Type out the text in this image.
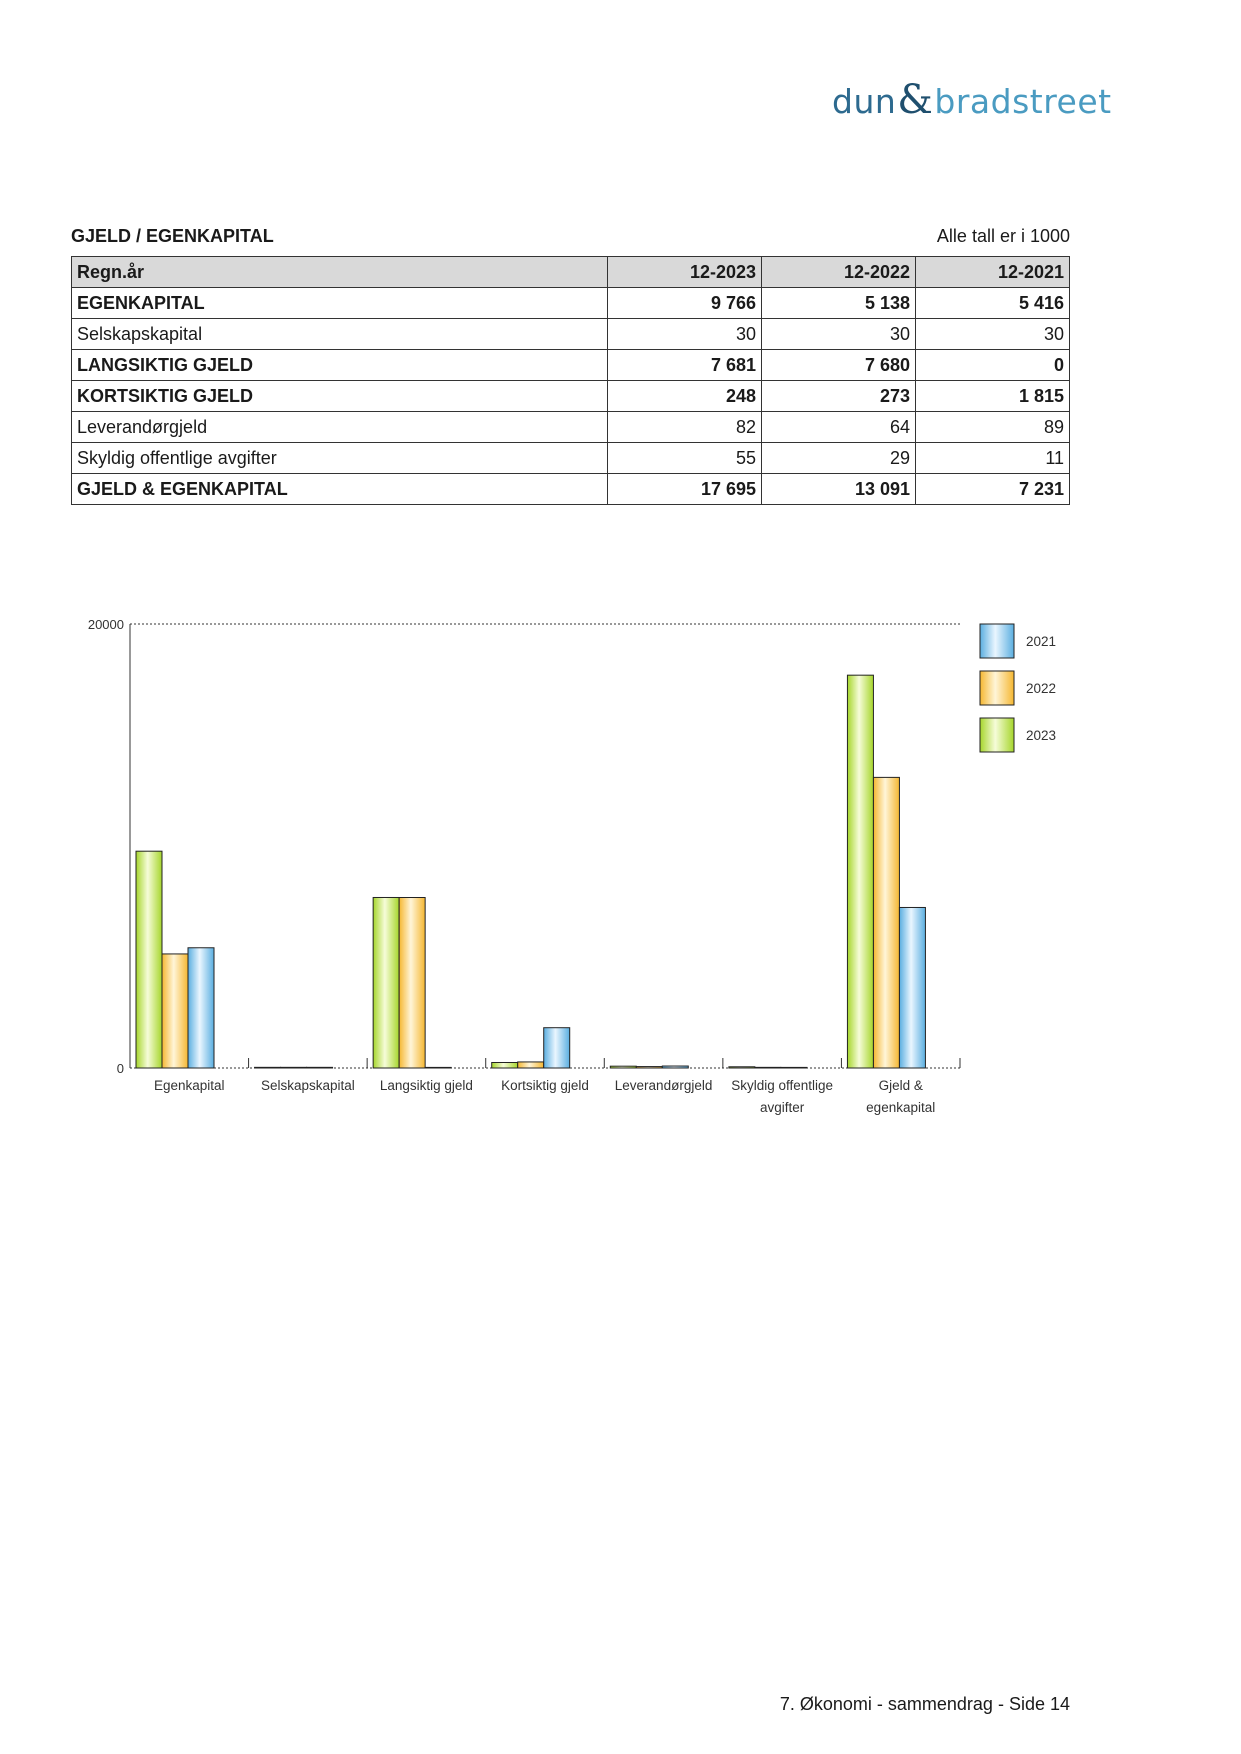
dun&bradstreet
GJELD / EGENKAPITAL	Alle tall er i 1000
Regn.år	12-2023	12-2022	12-2021
EGENKAPITAL	9 766	5 138	5 416
Selskapskapital	30	30	30
LANGSIKTIG GJELD	7 681	7 680	0
KORTSIKTIG GJELD	248	273	1 815
Leverandørgjeld	82	64	89
Skyldig offentlige avgifter	55	29	11
GJELD & EGENKAPITAL	17 695	13 091	7 231
20000
0
Egenkapital	Selskapskapital Langsiktig gjeld Kortsiktig gjeld Leverandørgjeld Skyldig offentlige
avgifter
Gjeld &
egenkapital
2021
2022
2023
7. Økonomi - sammendrag - Side 14
